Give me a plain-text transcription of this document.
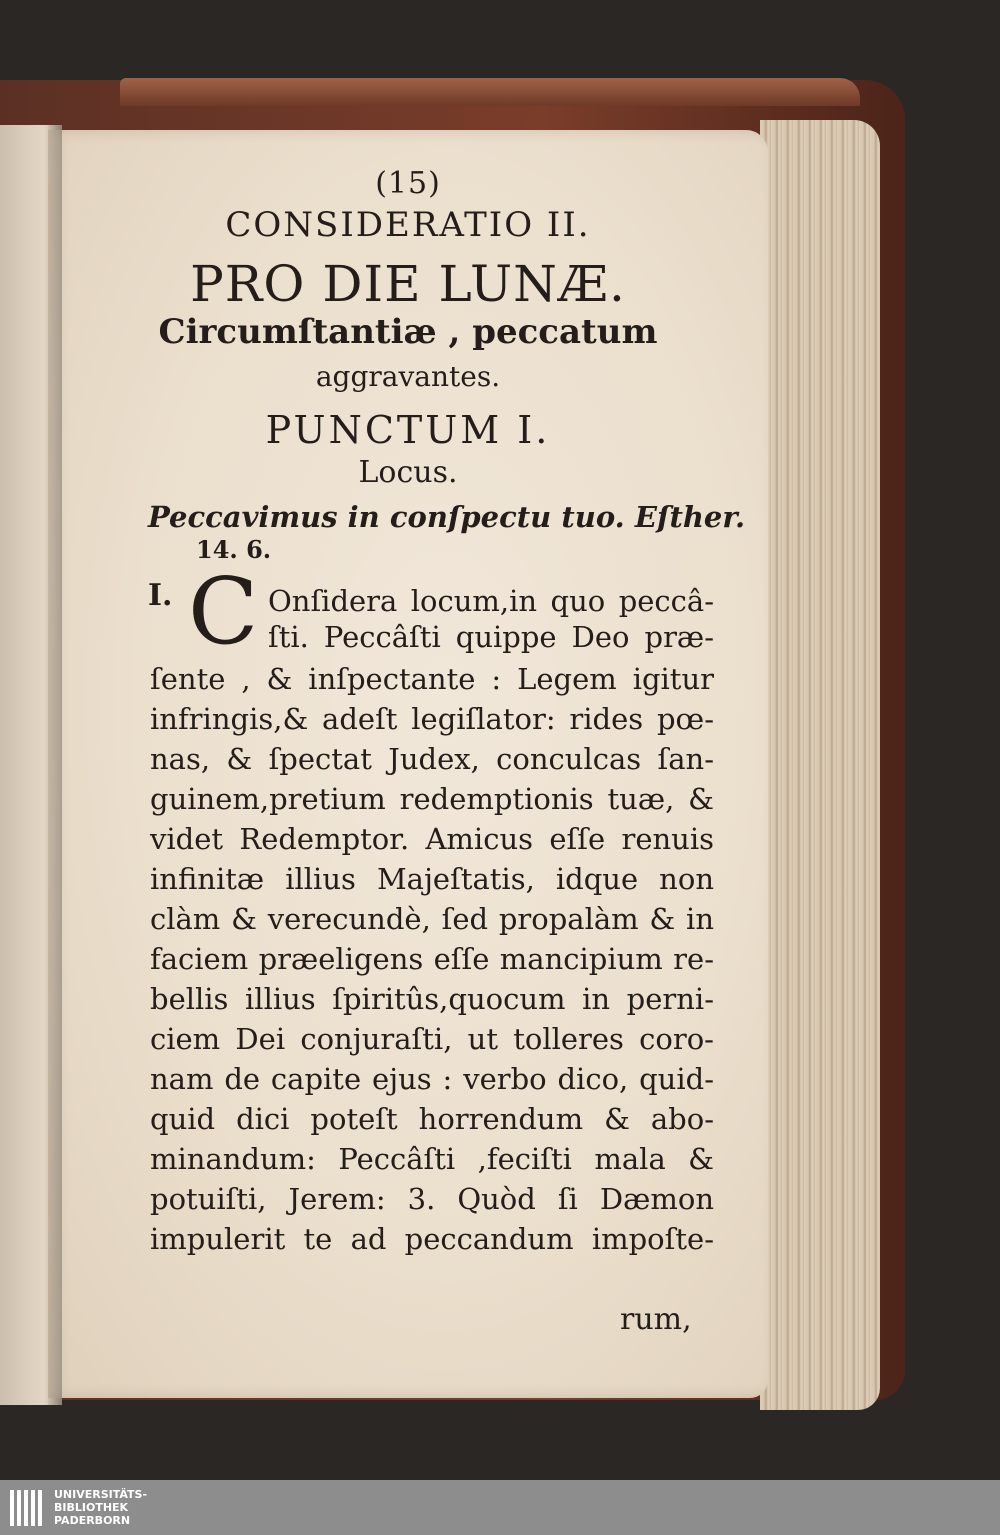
(15)
CONSIDERATIO II.
PRO DIE LUNÆ.
Circumſtantiæ , peccatum
aggravantes.
PUNCTUM I.
Locus.
Peccavimus in conſpectu tuo. Eſther.
14. 6.
I. C Onſidera locum,in quo peccâ-
ſti. Peccâſti quippe Deo præ-
ſente , & inſpectante : Legem igitur
infringis,& adeſt legiſlator: rides pœ-
nas, & ſpectat Judex, conculcas ſan-
guinem,pretium redemptionis tuæ, &
videt Redemptor. Amicus eſſe renuis
infinitæ illius Majeſtatis, idque non
clàm & verecundè, ſed propalàm & in
faciem præeligens eſſe mancipium re-
bellis illius ſpiritûs,quocum in perni-
ciem Dei conjuraſti, ut tolleres coro-
nam de capite ejus : verbo dico, quid-
quid dici poteſt horrendum & abo-
minandum: Peccâſti ,feciſti mala &
potuiſti, Jerem: 3. Quòd ſi Dæmon
impulerit te ad peccandum impoſte-
rum,
UNIVERSITÄTS-
BIBLIOTHEK
PADERBORN
